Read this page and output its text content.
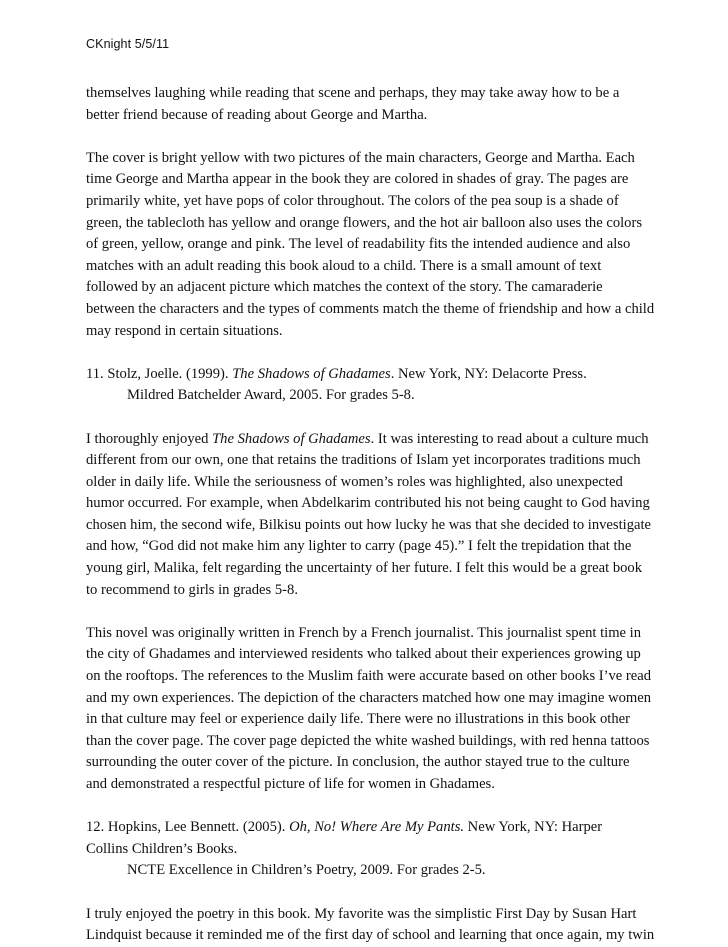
CKnight 5/5/11
themselves laughing while reading that scene and perhaps, they may take away how to be a
better friend because of reading about George and Martha.
The cover is bright yellow with two pictures of the main characters, George and Martha. Each
time George and Martha appear in the book they are colored in shades of gray. The pages are
primarily white, yet have pops of color throughout. The colors of the pea soup is a shade of
green, the tablecloth has yellow and orange flowers, and the hot air balloon also uses the colors
of green, yellow, orange and pink. The level of readability fits the intended audience and also
matches with an adult reading this book aloud to a child. There is a small amount of text
followed by an adjacent picture which matches the context of the story. The camaraderie
between the characters and the types of comments match the theme of friendship and how a child
may respond in certain situations.
11. Stolz, Joelle. (1999). The Shadows of Ghadames. New York, NY: Delacorte Press.
Mildred Batchelder Award, 2005. For grades 5-8.
I thoroughly enjoyed The Shadows of Ghadames. It was interesting to read about a culture much
different from our own, one that retains the traditions of Islam yet incorporates traditions much
older in daily life. While the seriousness of women’s roles was highlighted, also unexpected
humor occurred. For example, when Abdelkarim contributed his not being caught to God having
chosen him, the second wife, Bilkisu points out how lucky he was that she decided to investigate
and how, “God did not make him any lighter to carry (page 45).” I felt the trepidation that the
young girl, Malika, felt regarding the uncertainty of her future. I felt this would be a great book
to recommend to girls in grades 5-8.
This novel was originally written in French by a French journalist. This journalist spent time in
the city of Ghadames and interviewed residents who talked about their experiences growing up
on the rooftops. The references to the Muslim faith were accurate based on other books I’ve read
and my own experiences. The depiction of the characters matched how one may imagine women
in that culture may feel or experience daily life. There were no illustrations in this book other
than the cover page. The cover page depicted the white washed buildings, with red henna tattoos
surrounding the outer cover of the picture. In conclusion, the author stayed true to the culture
and demonstrated a respectful picture of life for women in Ghadames.
12. Hopkins, Lee Bennett. (2005). Oh, No! Where Are My Pants. New York, NY: Harper
Collins Children’s Books.
NCTE Excellence in Children’s Poetry, 2009. For grades 2-5.
I truly enjoyed the poetry in this book. My favorite was the simplistic First Day by Susan Hart
Lindquist because it reminded me of the first day of school and learning that once again, my twin
